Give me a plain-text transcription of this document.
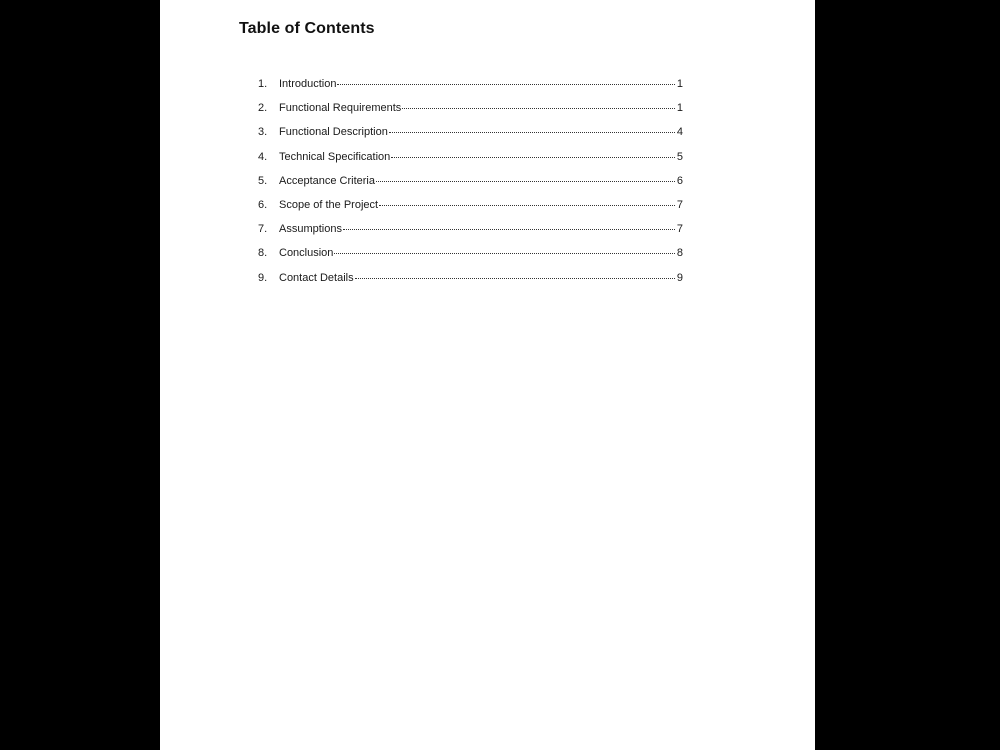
Table of Contents
1.	Introduction	1
2.	Functional Requirements	1
3.	Functional Description	4
4.	Technical Specification	5
5.	Acceptance Criteria	6
6.	Scope of the Project	7
7.	Assumptions	7
8.	Conclusion	8
9.	Contact Details	9
